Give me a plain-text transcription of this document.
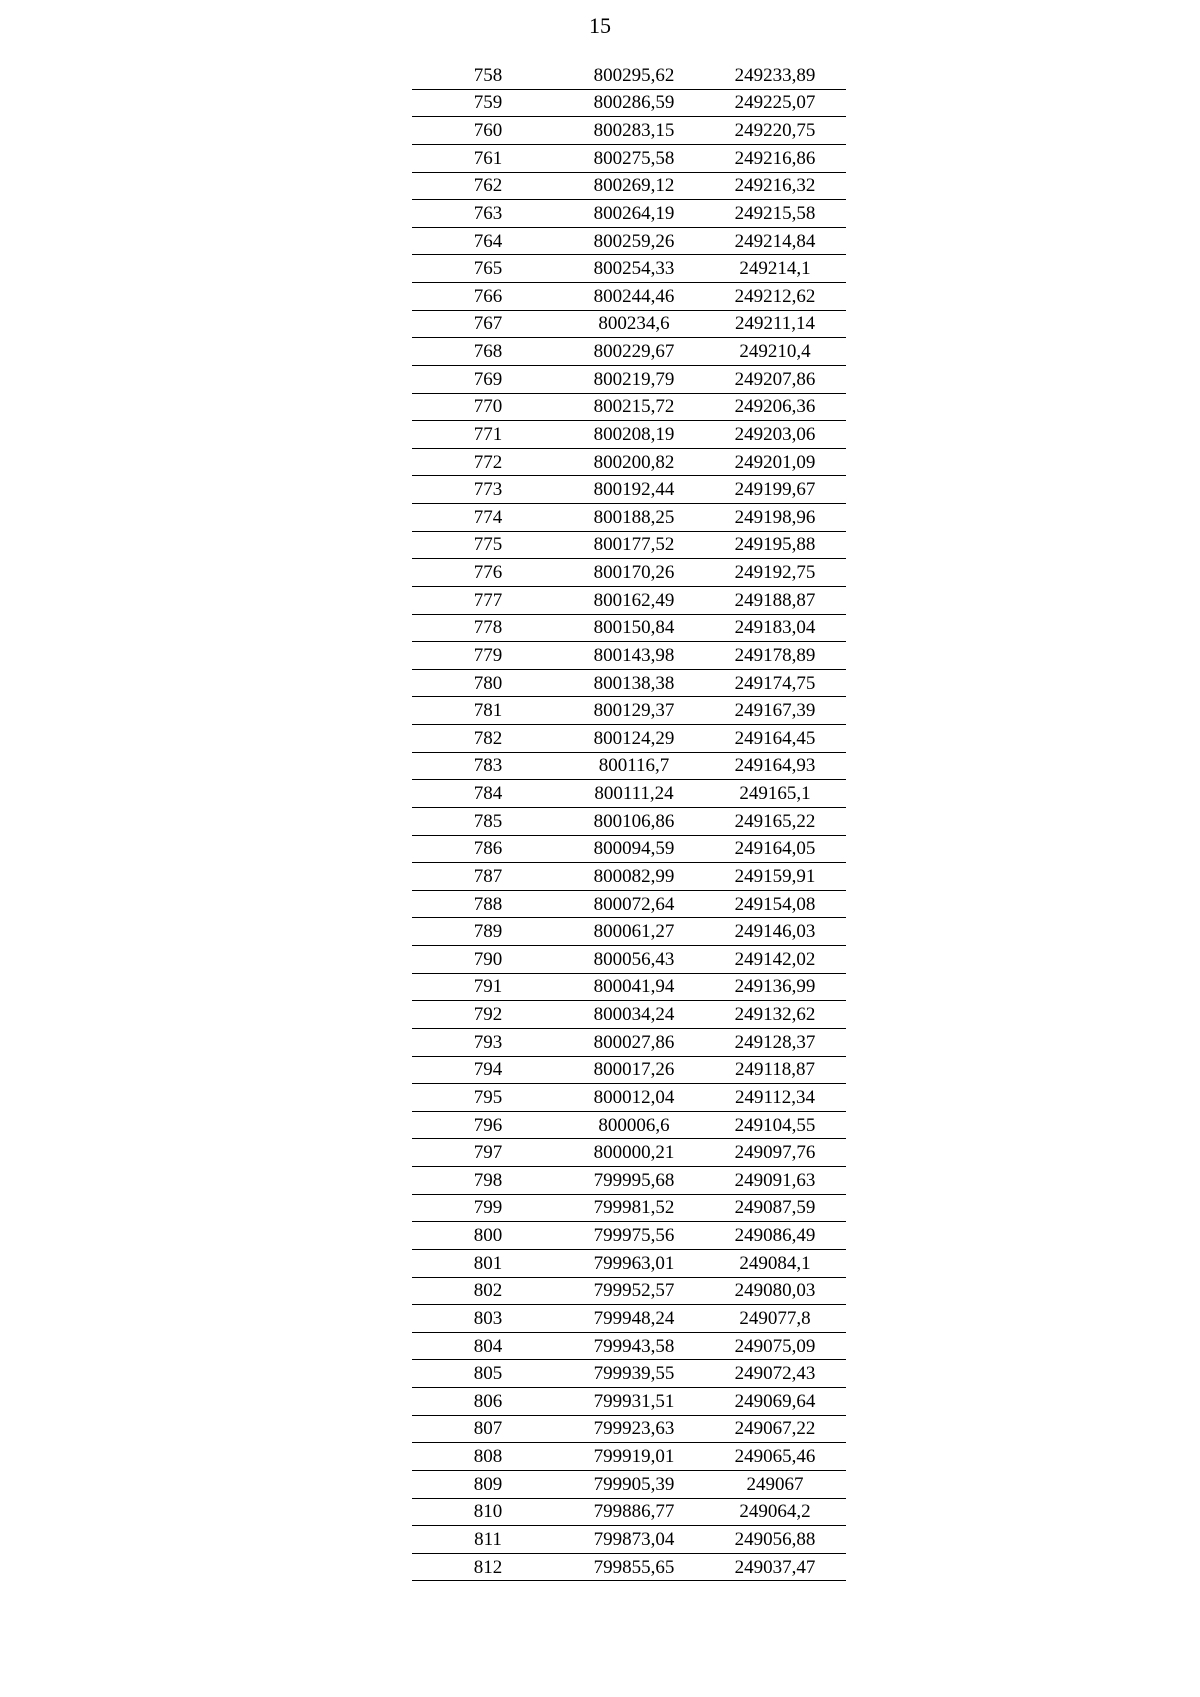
15
758	800295,62	249233,89
759	800286,59	249225,07
760	800283,15	249220,75
761	800275,58	249216,86
762	800269,12	249216,32
763	800264,19	249215,58
764	800259,26	249214,84
765	800254,33	249214,1
766	800244,46	249212,62
767	800234,6	249211,14
768	800229,67	249210,4
769	800219,79	249207,86
770	800215,72	249206,36
771	800208,19	249203,06
772	800200,82	249201,09
773	800192,44	249199,67
774	800188,25	249198,96
775	800177,52	249195,88
776	800170,26	249192,75
777	800162,49	249188,87
778	800150,84	249183,04
779	800143,98	249178,89
780	800138,38	249174,75
781	800129,37	249167,39
782	800124,29	249164,45
783	800116,7	249164,93
784	800111,24	249165,1
785	800106,86	249165,22
786	800094,59	249164,05
787	800082,99	249159,91
788	800072,64	249154,08
789	800061,27	249146,03
790	800056,43	249142,02
791	800041,94	249136,99
792	800034,24	249132,62
793	800027,86	249128,37
794	800017,26	249118,87
795	800012,04	249112,34
796	800006,6	249104,55
797	800000,21	249097,76
798	799995,68	249091,63
799	799981,52	249087,59
800	799975,56	249086,49
801	799963,01	249084,1
802	799952,57	249080,03
803	799948,24	249077,8
804	799943,58	249075,09
805	799939,55	249072,43
806	799931,51	249069,64
807	799923,63	249067,22
808	799919,01	249065,46
809	799905,39	249067
810	799886,77	249064,2
811	799873,04	249056,88
812	799855,65	249037,47
